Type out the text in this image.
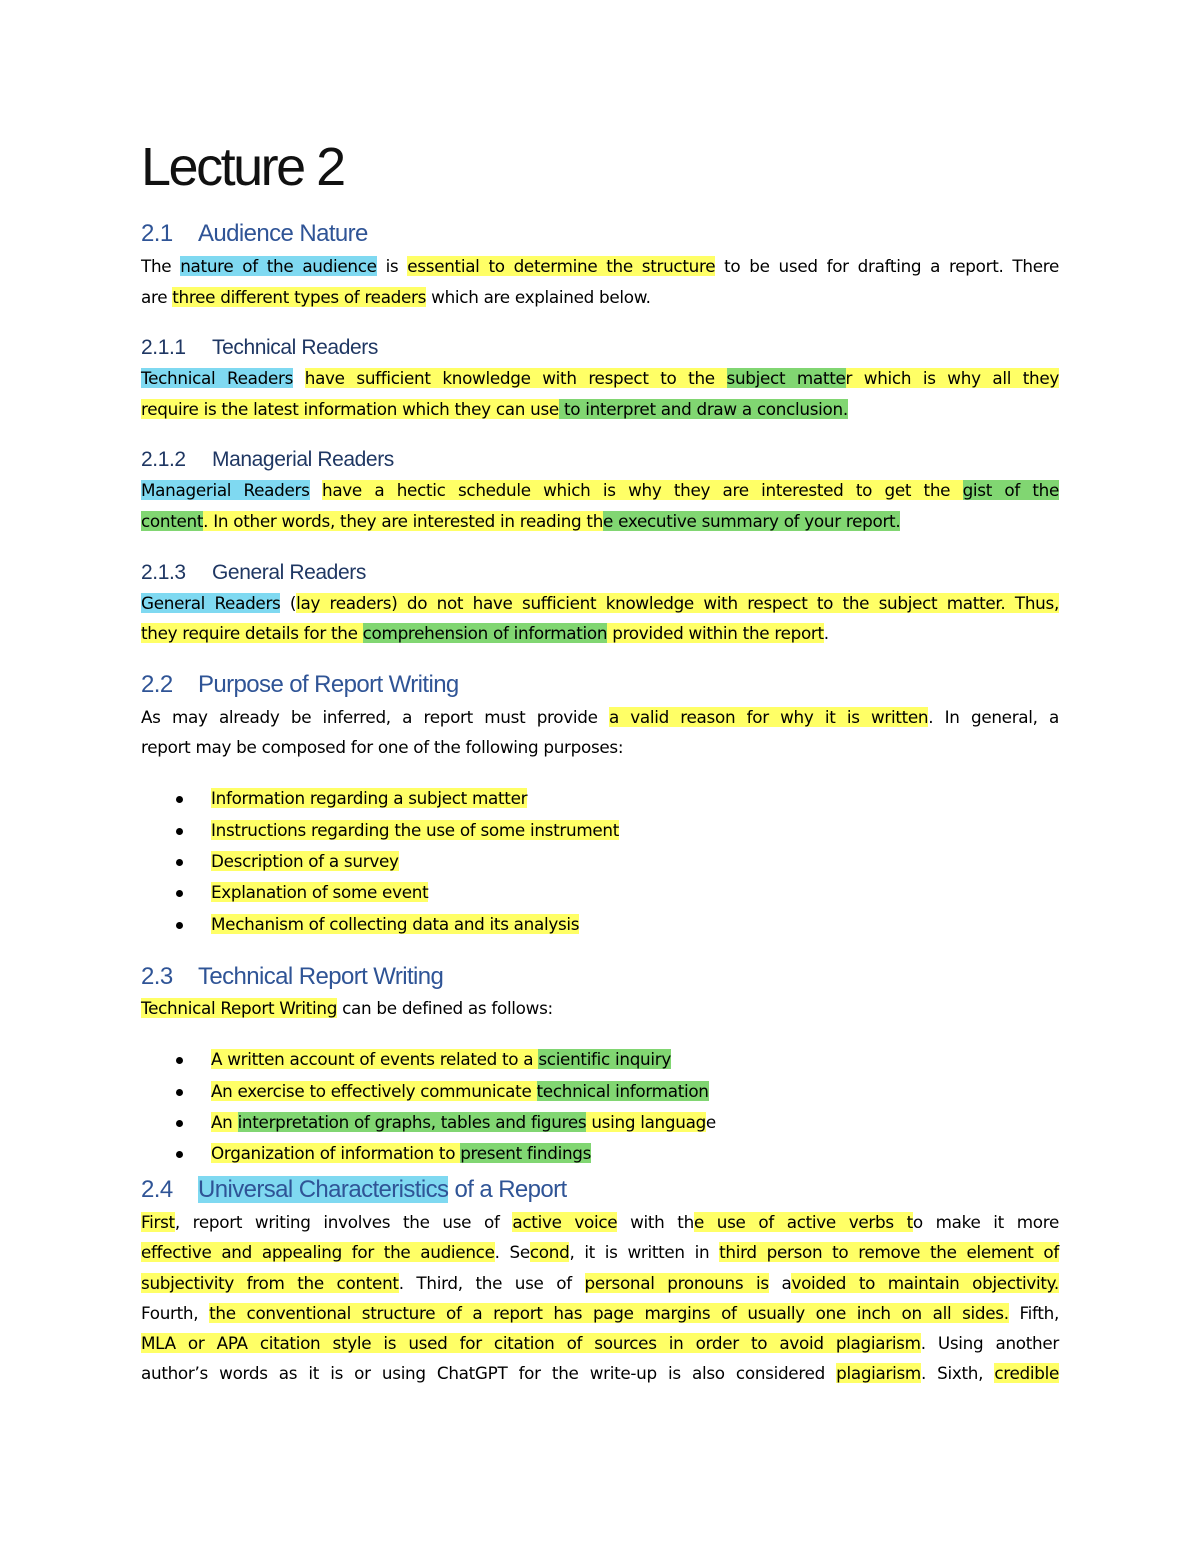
Lecture 2
2.1 Audience Nature
The nature of the audience is essential to determine the structure to be used for drafting a report. There
are three different types of readers which are explained below.
2.1.1 Technical Readers
Technical Readers have sufficient knowledge with respect to the subject matter which is why all they
require is the latest information which they can use to interpret and draw a conclusion.
2.1.2 Managerial Readers
Managerial Readers have a hectic schedule which is why they are interested to get the gist of the
content. In other words, they are interested in reading the executive summary of your report.
2.1.3 General Readers
General Readers (lay readers) do not have sufficient knowledge with respect to the subject matter. Thus,
they require details for the comprehension of information provided within the report.
2.2 Purpose of Report Writing
As may already be inferred, a report must provide a valid reason for why it is written. In general, a
report may be composed for one of the following purposes:
Information regarding a subject matter
Instructions regarding the use of some instrument
Description of a survey
Explanation of some event
Mechanism of collecting data and its analysis
2.3 Technical Report Writing
Technical Report Writing can be defined as follows:
A written account of events related to a scientific inquiry
An exercise to effectively communicate technical information
An interpretation of graphs, tables and figures using language
Organization of information to present findings
2.4 Universal Characteristics of a Report
First, report writing involves the use of active voice with the use of active verbs to make it more
effective and appealing for the audience. Second, it is written in third person to remove the element of
subjectivity from the content. Third, the use of personal pronouns is avoided to maintain objectivity.
Fourth, the conventional structure of a report has page margins of usually one inch on all sides. Fifth,
MLA or APA citation style is used for citation of sources in order to avoid plagiarism. Using another
author’s words as it is or using ChatGPT for the write-up is also considered plagiarism. Sixth, credible
